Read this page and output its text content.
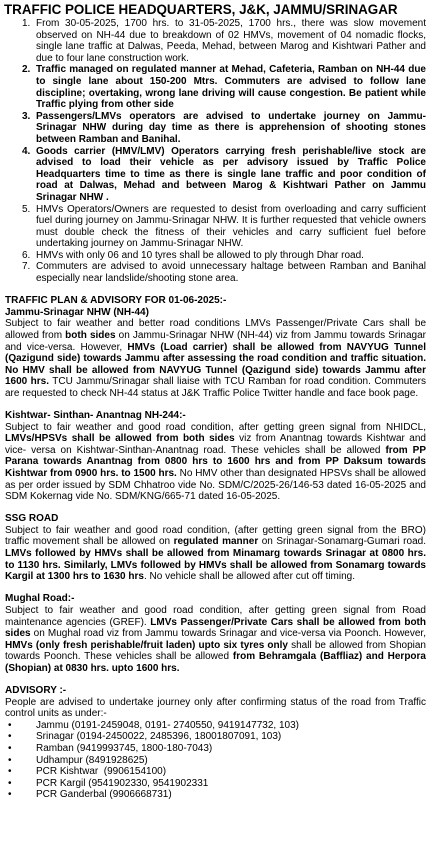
TRAFFIC POLICE HEADQUARTERS, J&K, JAMMU/SRINAGAR
1. From 30-05-2025, 1700 hrs. to 31-05-2025, 1700 hrs., there was slow movement observed on NH-44 due to breakdown of 02 HMVs, movement of 04 nomadic flocks, single lane traffic at Dalwas, Peeda, Mehad, between Marog and Kishtwari Pather and due to four lane construction work.
2. Traffic managed on regulated manner at Mehad, Cafeteria, Ramban on NH-44 due to single lane about 150-200 Mtrs. Commuters are advised to follow lane discipline; overtaking, wrong lane driving will cause congestion. Be patient while Traffic plying from other side
3. Passengers/LMVs operators are advised to undertake journey on Jammu-Srinagar NHW during day time as there is apprehension of shooting stones between Ramban and Banihal.
4. Goods carrier (HMV/LMV) Operators carrying fresh perishable/live stock are advised to load their vehicle as per advisory issued by Traffic Police Headquarters time to time as there is single lane traffic and poor condition of road at Dalwas, Mehad and between Marog & Kishtwari Pather on Jammu Srinagar NHW .
5. HMVs Operators/Owners are requested to desist from overloading and carry sufficient fuel during journey on Jammu-Srinagar NHW. It is further requested that vehicle owners must double check the fitness of their vehicles and carry sufficient fuel before undertaking journey on Jammu-Srinagar NHW.
6. HMVs with only 06 and 10 tyres shall be allowed to ply through Dhar road.
7. Commuters are advised to avoid unnecessary haltage between Ramban and Banihal especially near landslide/shooting stone area.

TRAFFIC PLAN & ADVISORY FOR 01-06-2025:-

Jammu-Srinagar NHW (NH-44)

Subject to fair weather and better road conditions LMVs Passenger/Private Cars shall be allowed from both sides on Jammu-Srinagar NHW (NH-44) viz from Jammu towards Srinagar and vice-versa. However, HMVs (Load carrier) shall be allowed from NAVYUG Tunnel (Qazigund side) towards Jammu after assessing the road condition and traffic situation. No HMV shall be allowed from NAVYUG Tunnel (Qazigund side) towards Jammu after 1600 hrs. TCU Jammu/Srinagar shall liaise with TCU Ramban for road condition. Commuters are requested to check NH-44 status at J&K Traffic Police Twitter handle and face book page.

Kishtwar- Sinthan- Anantnag NH-244:-

Subject to fair weather and good road condition, after getting green signal from NHIDCL, LMVs/HPSVs shall be allowed from both sides viz from Anantnag towards Kishtwar and vice- versa on Kishtwar-Sinthan-Anantnag road. These vehicles shall be allowed from PP Parana towards Anantnag from 0800 hrs to 1600 hrs and from PP Daksum towards Kishtwar from 0900 hrs. to 1500 hrs. No HMV other than designated HPSVs shall be allowed as per order issued by SDM Chhatroo vide No. SDM/C/2025-26/146-53 dated 16-05-2025 and SDM Kokernag vide No. SDM/KNG/665-71 dated 16-05-2025.

SSG ROAD

Subject to fair weather and good road condition, (after getting green signal from the BRO) traffic movement shall be allowed on regulated manner on Srinagar-Sonamarg-Gumari road. LMVs followed by HMVs shall be allowed from Minamarg towards Srinagar at 0800 hrs. to 1130 hrs. Similarly, LMVs followed by HMVs shall be allowed from Sonamarg towards Kargil at 1300 hrs to 1630 hrs. No vehicle shall be allowed after cut off timing.

Mughal Road:-

Subject to fair weather and good road condition, after getting green signal from Road maintenance agencies (GREF). LMVs Passenger/Private Cars shall be allowed from both sides on Mughal road viz from Jammu towards Srinagar and vice-versa via Poonch. However, HMVs (only fresh perishable/fruit laden) upto six tyres only shall be allowed from Shopian towards Poonch. These vehicles shall be allowed from Behramgala (Baffliaz) and Herpora (Shopian) at 0830 hrs. upto 1600 hrs.

ADVISORY :-

People are advised to undertake journey only after confirming status of the road from Traffic control units as under:-

•
Jammu (0191-2459048, 0191- 2740550, 9419147732, 103)
•
Srinagar (0194-2450022, 2485396, 18001807091, 103)
•
Ramban (9419993745, 1800-180-7043)
•
Udhampur (8491928625)
•
PCR Kishtwar  (9906154100)
•
PCR Kargil (9541902330, 9541902331
•
PCR Ganderbal (9906668731)
